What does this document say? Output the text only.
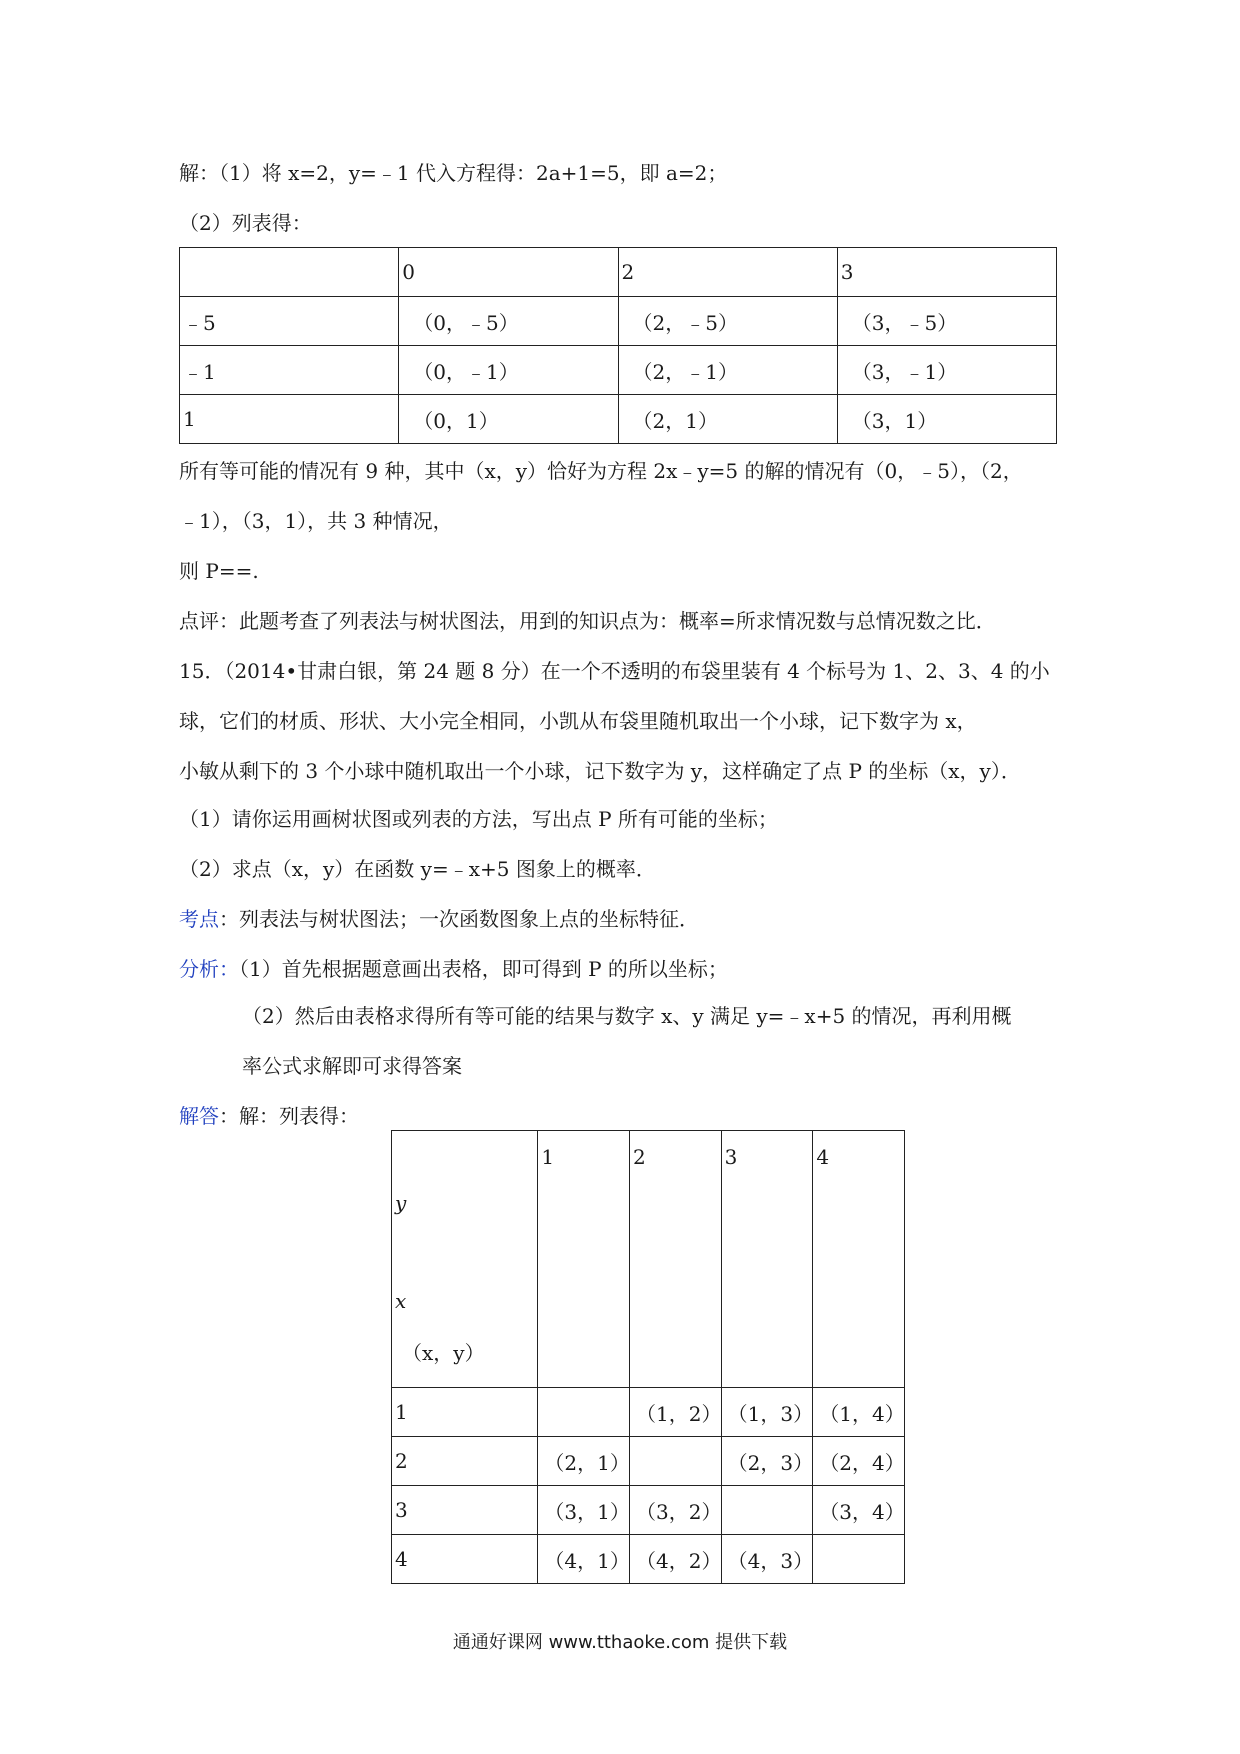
解：（1）将 x=2，y=﹣1 代入方程得：2a+1=5，即 a=2；
（2）列表得：
	0	2	3
﹣5	（0，﹣5）	（2，﹣5）	（3，﹣5）
﹣1	（0，﹣1）	（2，﹣1）	（3，﹣1）
1	（0，1）	（2，1）	（3，1）
所有等可能的情况有 9 种，其中（x，y）恰好为方程 2x﹣y=5 的解的情况有（0，﹣5），（2，
﹣1），（3，1），共 3 种情况，
则 P==.
点评：此题考查了列表法与树状图法，用到的知识点为：概率=所求情况数与总情况数之比．
15．（2014•甘肃白银，第 24 题 8 分）在一个不透明的布袋里装有 4 个标号为 1、2、3、4 的小
球，它们的材质、形状、大小完全相同，小凯从布袋里随机取出一个小球，记下数字为 x，
小敏从剩下的 3 个小球中随机取出一个小球，记下数字为 y，这样确定了点 P 的坐标（x，y）．
（1）请你运用画树状图或列表的方法，写出点 P 所有可能的坐标；
（2）求点（x，y）在函数 y=﹣x+5 图象上的概率．
考点：列表法与树状图法；一次函数图象上点的坐标特征．
分析：（1）首先根据题意画出表格，即可得到 P 的所以坐标；
（2）然后由表格求得所有等可能的结果与数字 x、y 满足 y=﹣x+5 的情况，再利用概
率公式求解即可求得答案
解答：解：列表得：
y
x
（x，y）	1	2	3	4
1		（1，2）	（1，3）	（1，4）
2	（2，1）		（2，3）	（2，4）
3	（3，1）	（3，2）		（3，4）
4	（4，1）	（4，2）	（4，3）	
通通好课网 www.tthaoke.com 提供下载
